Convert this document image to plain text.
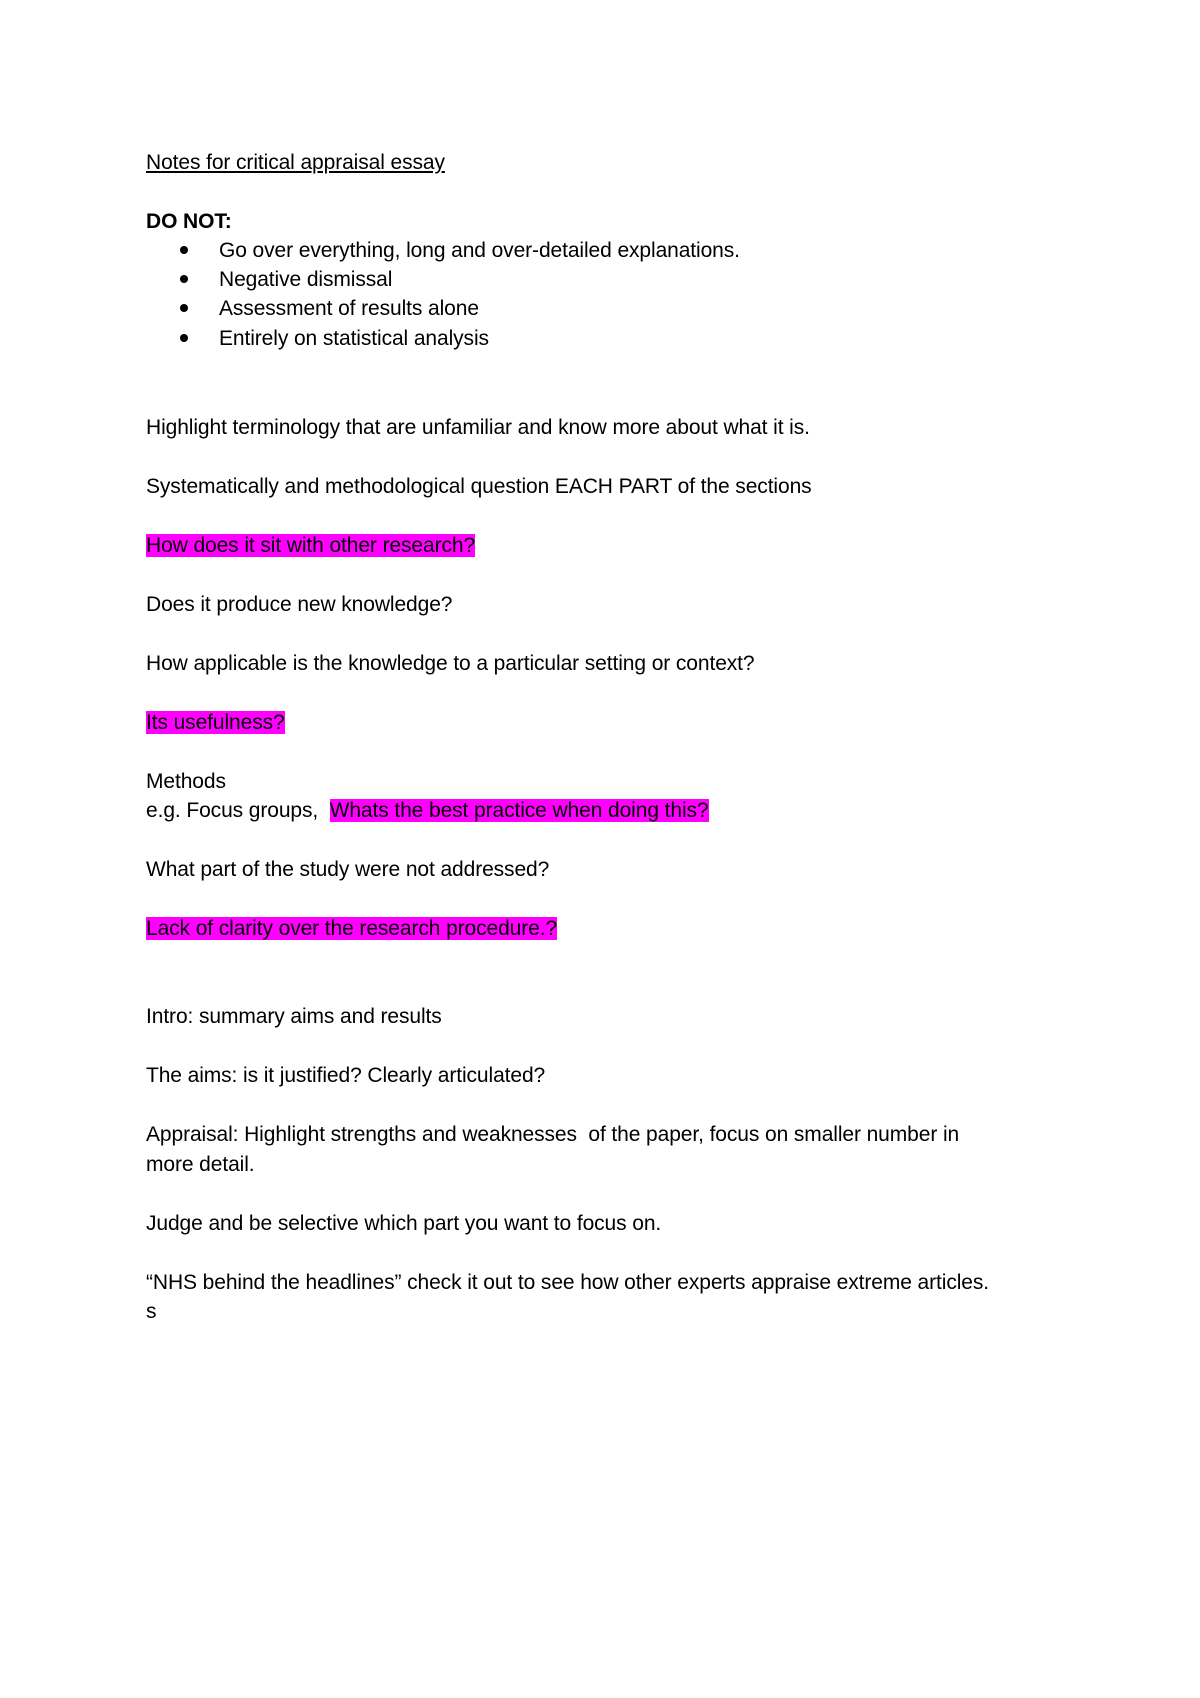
Notes for critical appraisal essay
DO NOT:
Go over everything, long and over-detailed explanations.
Negative dismissal
Assessment of results alone
Entirely on statistical analysis
Highlight terminology that are unfamiliar and know more about what it is.
Systematically and methodological question EACH PART of the sections
How does it sit with other research?
Does it produce new knowledge?
How applicable is the knowledge to a particular setting or context?
Its usefulness?
Methods
e.g. Focus groups,  Whats the best practice when doing this?
What part of the study were not addressed?
Lack of clarity over the research procedure.?
Intro: summary aims and results
The aims: is it justified? Clearly articulated?
Appraisal: Highlight strengths and weaknesses  of the paper, focus on smaller number in
more detail.
Judge and be selective which part you want to focus on.
“NHS behind the headlines” check it out to see how other experts appraise extreme articles.
s
